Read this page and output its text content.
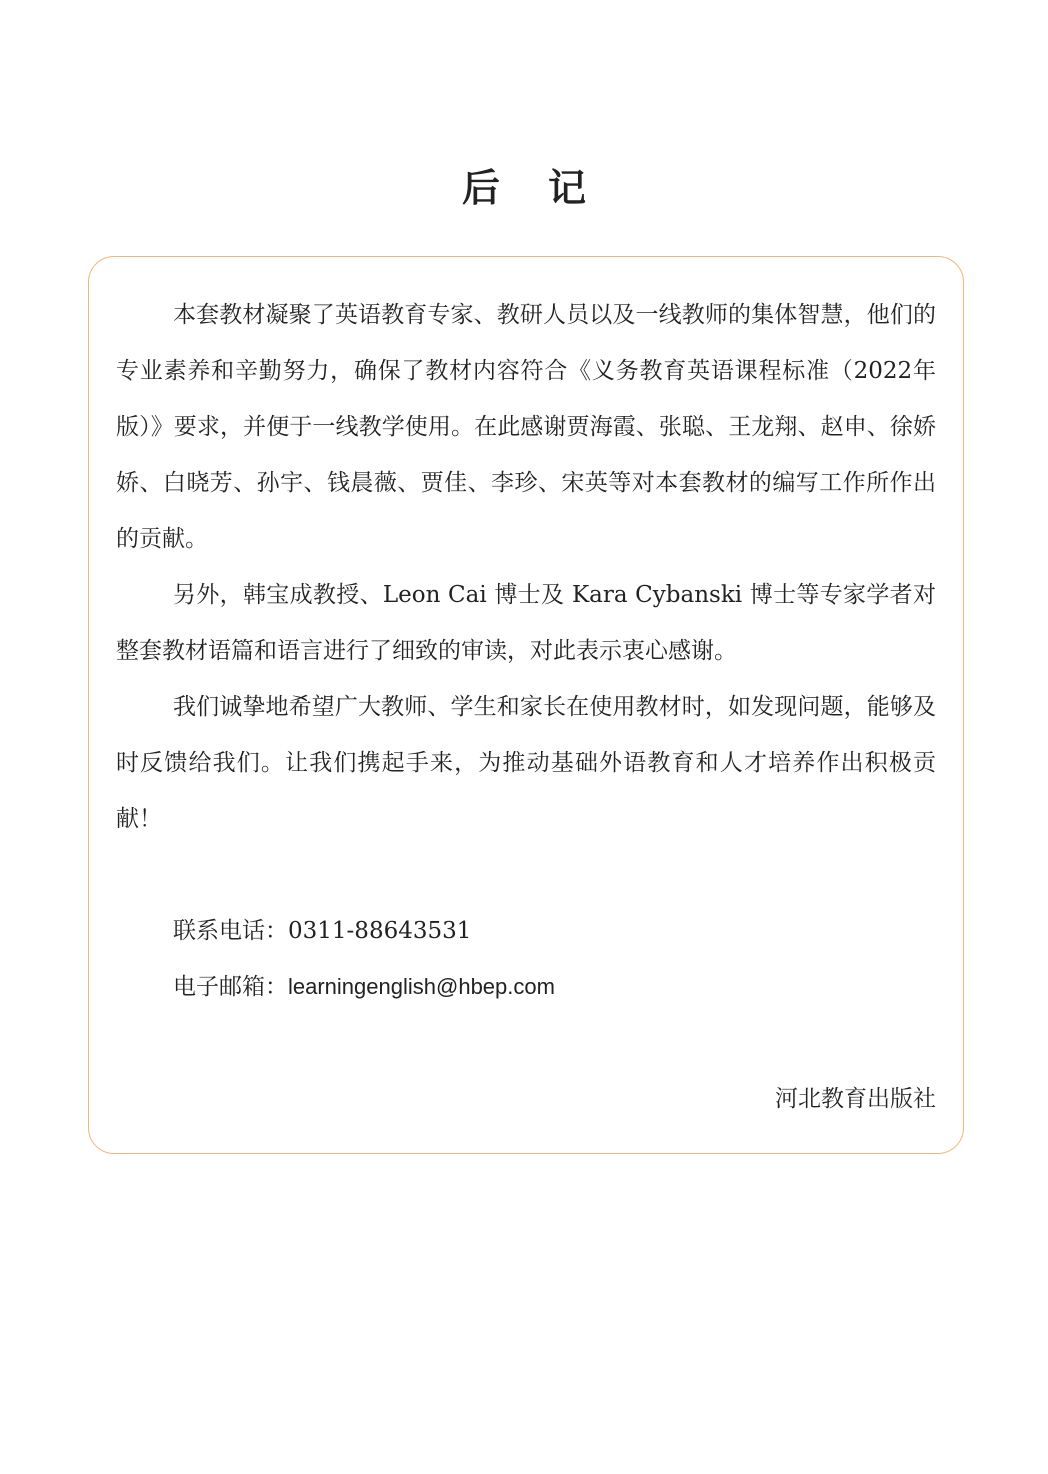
后记

本套教材凝聚了英语教育专家、教研人员以及一线教师的集体智慧，他们的专业素养和辛勤努力，确保了教材内容符合《义务教育英语课程标准（2022年版）》要求，并便于一线教学使用。在此感谢贾海霞、张聪、王龙翔、赵申、徐娇娇、白晓芳、孙宇、钱晨薇、贾佳、李珍、宋英等对本套教材的编写工作所作出的贡献。

另外，韩宝成教授、Leon Cai 博士及 Kara Cybanski 博士等专家学者对整套教材语篇和语言进行了细致的审读，对此表示衷心感谢。

我们诚挚地希望广大教师、学生和家长在使用教材时，如发现问题，能够及时反馈给我们。让我们携起手来，为推动基础外语教育和人才培养作出积极贡献！

联系电话：0311-88643531
电子邮箱：learningenglish@hbep.com
河北教育出版社
